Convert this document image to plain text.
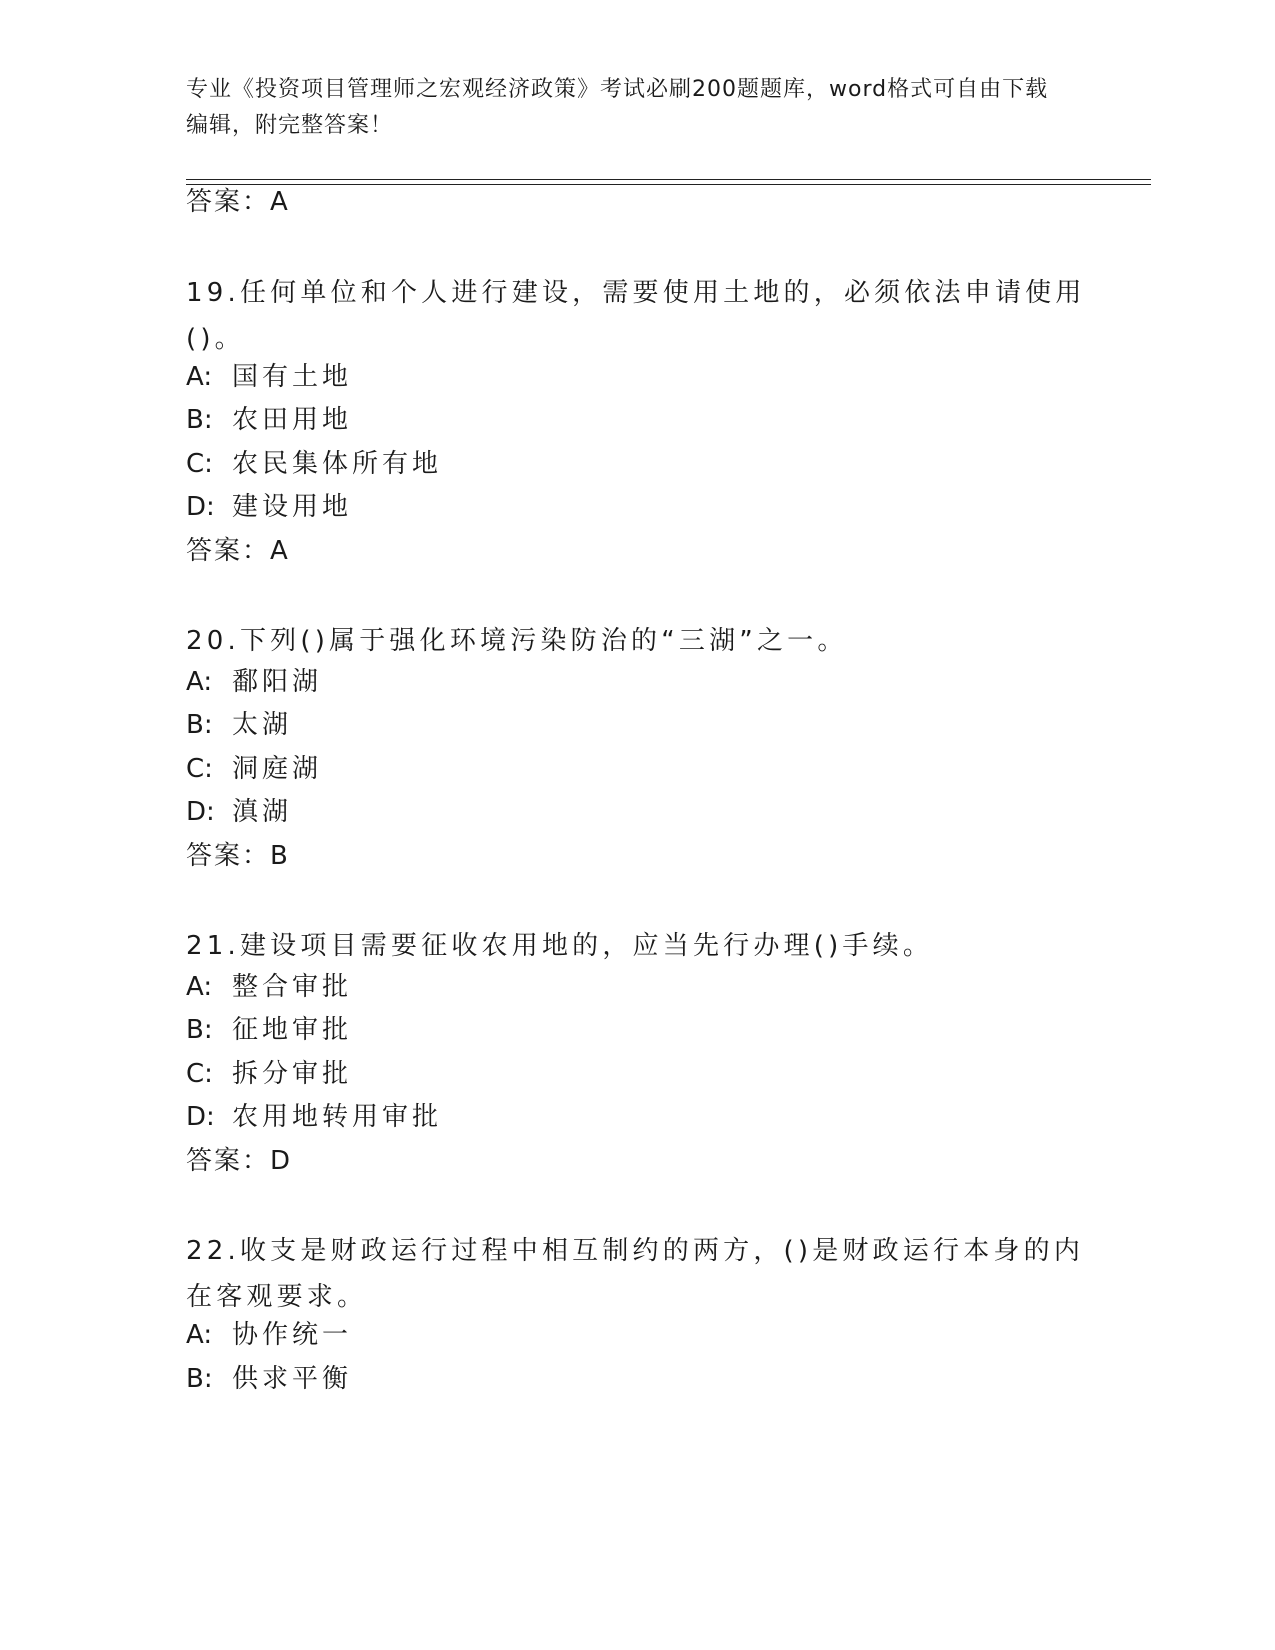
专业《投资项目管理师之宏观经济政策》考试必刷200题题库，word格式可自由下载编辑，附完整答案！
答案：A
19.任何单位和个人进行建设，需要使用土地的，必须依法申请使用()。
A: 国有土地
B: 农田用地
C: 农民集体所有地
D: 建设用地
答案：A
20.下列()属于强化环境污染防治的“三湖”之一。
A: 鄱阳湖
B: 太湖
C: 洞庭湖
D: 滇湖
答案：B
21.建设项目需要征收农用地的，应当先行办理()手续。
A: 整合审批
B: 征地审批
C: 拆分审批
D: 农用地转用审批
答案：D
22.收支是财政运行过程中相互制约的两方，()是财政运行本身的内在客观要求。
A: 协作统一
B: 供求平衡
